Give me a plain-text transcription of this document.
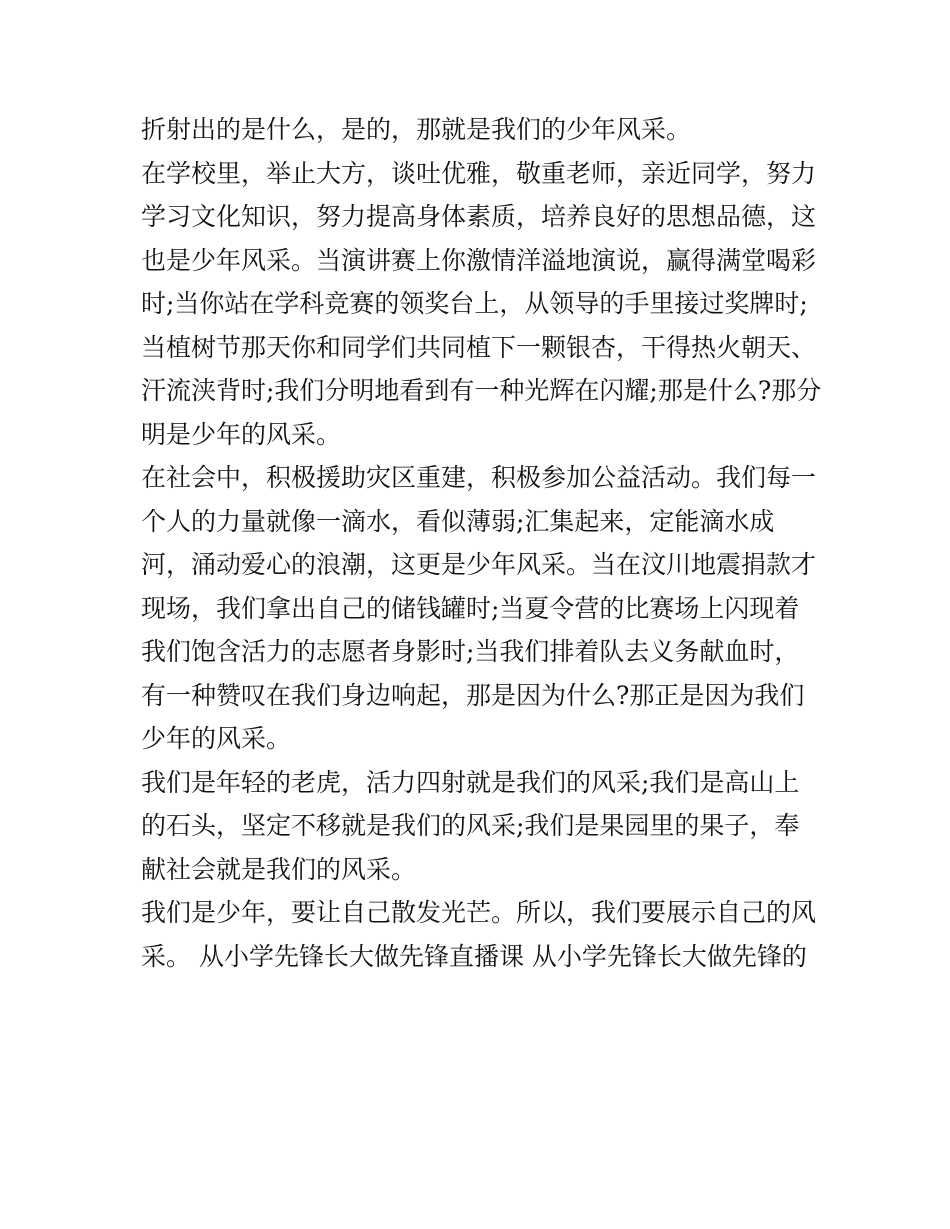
折射出的是什么，是的，那就是我们的少年风采。
在学校里，举止大方，谈吐优雅，敬重老师，亲近同学，努力
学习文化知识，努力提高身体素质，培养良好的思想品德，这
也是少年风采。当演讲赛上你激情洋溢地演说，赢得满堂喝彩
时;当你站在学科竞赛的领奖台上，从领导的手里接过奖牌时;
当植树节那天你和同学们共同植下一颗银杏，干得热火朝天、
汗流浃背时;我们分明地看到有一种光辉在闪耀;那是什么?那分
明是少年的风采。
在社会中，积极援助灾区重建，积极参加公益活动。我们每一
个人的力量就像一滴水，看似薄弱;汇集起来，定能滴水成
河，涌动爱心的浪潮，这更是少年风采。当在汶川地震捐款才
现场，我们拿出自己的储钱罐时;当夏令营的比赛场上闪现着
我们饱含活力的志愿者身影时;当我们排着队去义务献血时，
有一种赞叹在我们身边响起，那是因为什么?那正是因为我们
少年的风采。
我们是年轻的老虎，活力四射就是我们的风采;我们是高山上
的石头，坚定不移就是我们的风采;我们是果园里的果子，奉
献社会就是我们的风采。
我们是少年，要让自己散发光芒。所以，我们要展示自己的风
采。 从小学先锋长大做先锋直播课 从小学先锋长大做先锋的
